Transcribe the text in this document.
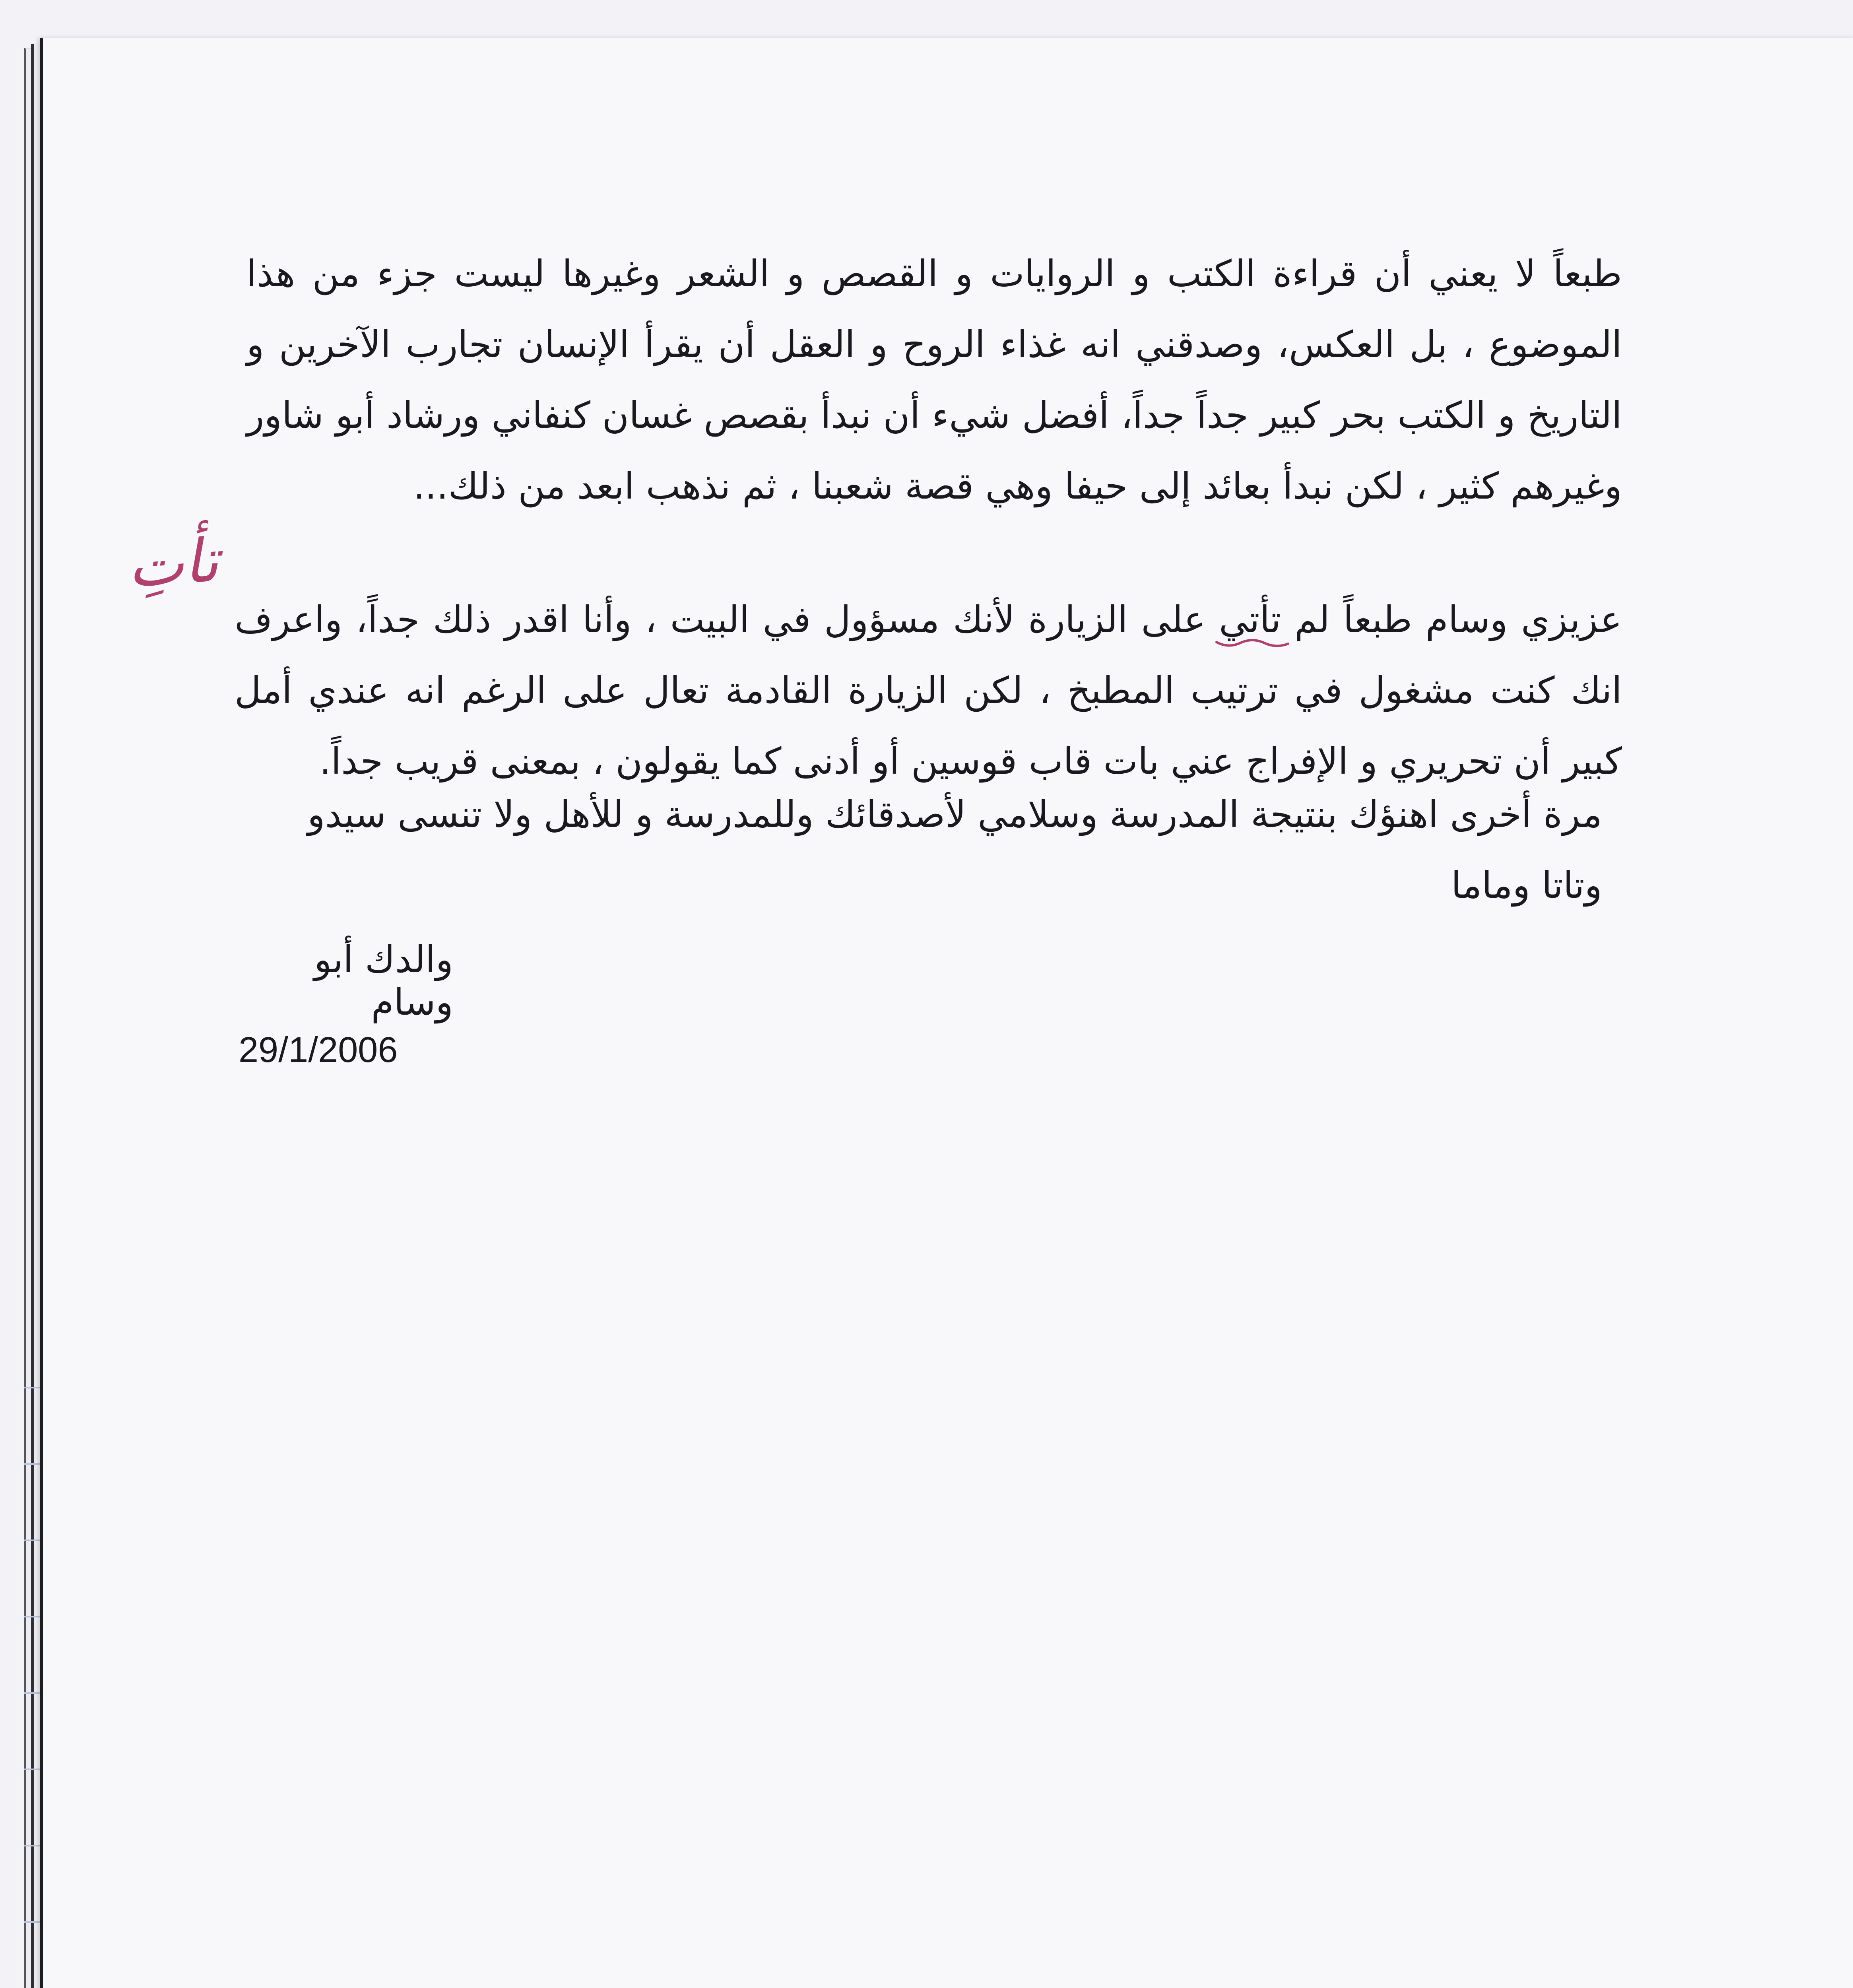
طبعاً لا يعني أن قراءة الكتب و الروايات و القصص و الشعر وغيرها ليست جزء من هذا الموضوع ، بل العكس، وصدقني انه غذاء الروح و العقل أن يقرأ الإنسان تجارب الآخرين و التاريخ و الكتب بحر كبير جداً جداً، أفضل شيء أن نبدأ بقصص غسان كنفاني ورشاد أبو شاور وغيرهم كثير ، لكن نبدأ بعائد إلى حيفا وهي قصة شعبنا ، ثم نذهب ابعد من ذلك...

تأتِ

عزيزي وسام طبعاً لم تأتي على الزيارة لأنك مسؤول في البيت ، وأنا اقدر ذلك جداً، واعرف انك كنت مشغول في ترتيب المطبخ ، لكن الزيارة القادمة تعال على الرغم انه عندي أمل كبير أن تحريري و الإفراج عني بات قاب قوسين أو أدنى كما يقولون ، بمعنى قريب جداً.

مرة أخرى اهنؤك بنتيجة المدرسة وسلامي لأصدقائك وللمدرسة و للأهل ولا تنسى سيدو وتاتا وماما

والدك أبو وسام
29/1/2006
